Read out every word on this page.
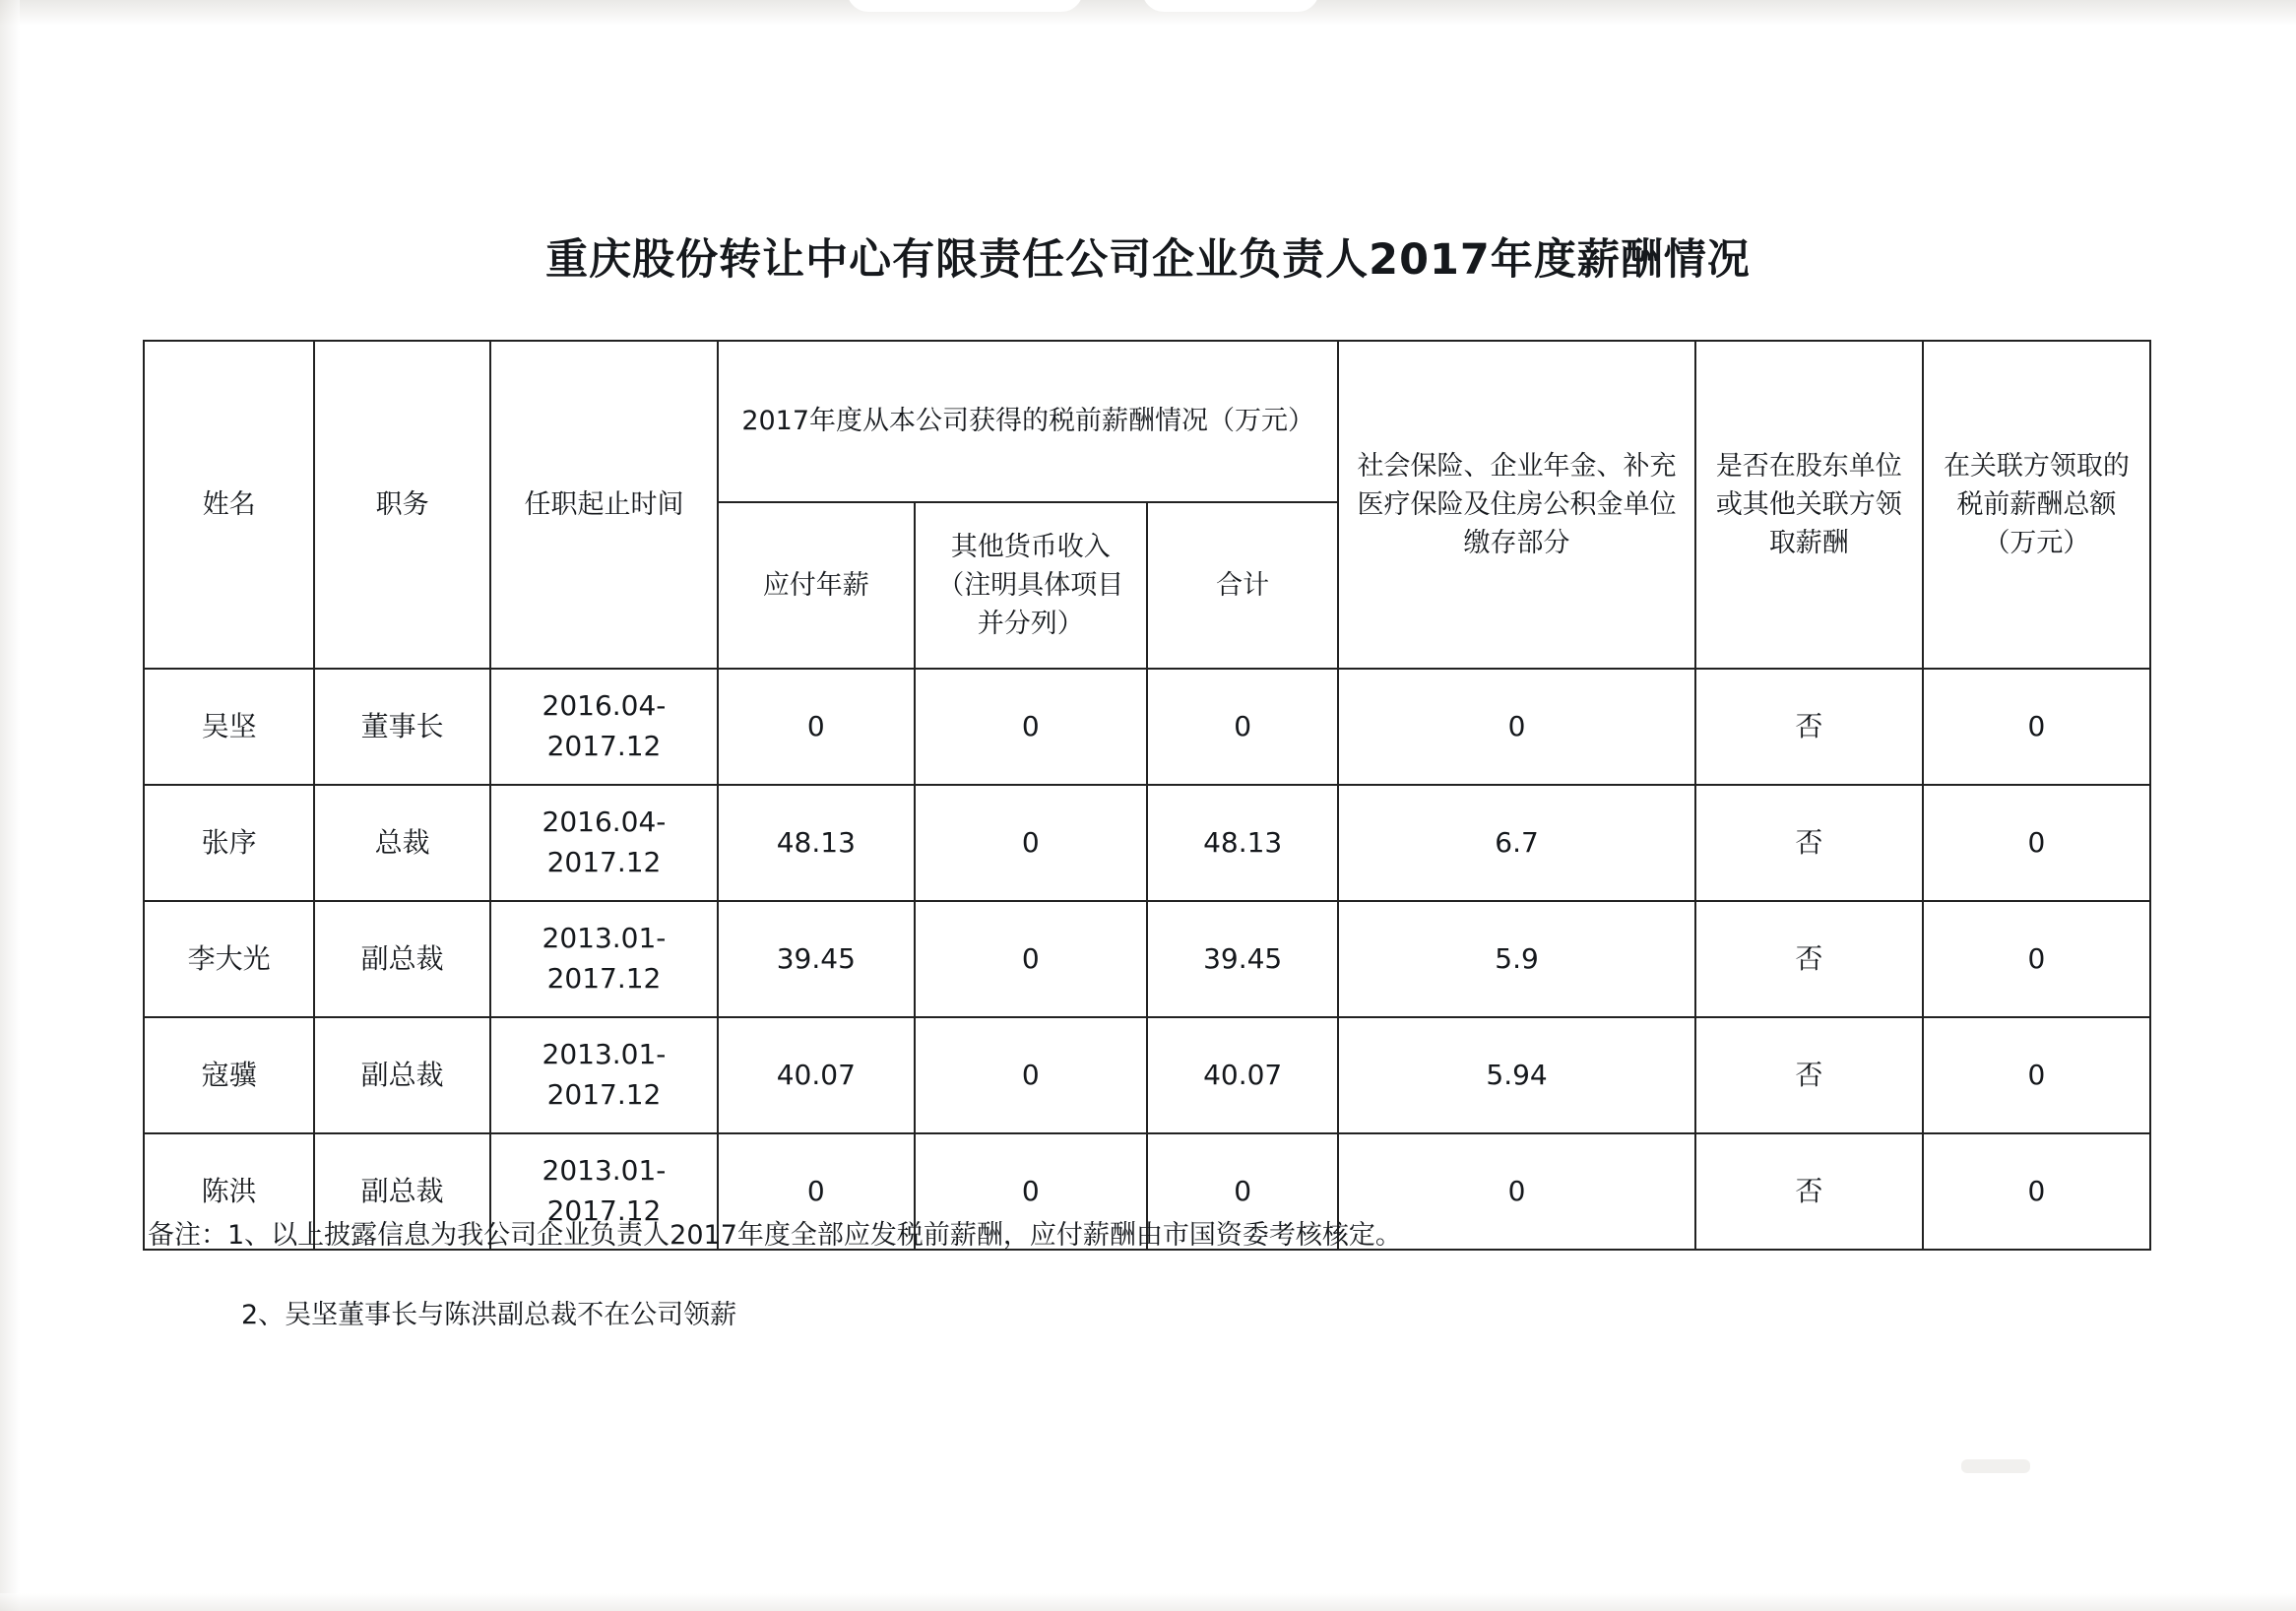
重庆股份转让中心有限责任公司企业负责人2017年度薪酬情况
姓名	职务	任职起止时间	2017年度从本公司获得的税前薪酬情况（万元）			社会保险、企业年金、补充医疗保险及住房公积金单位缴存部分	是否在股东单位或其他关联方领取薪酬	在关联方领取的税前薪酬总额（万元）

			应付年薪	其他货币收入（注明具体项目并分列）	合计			

吴坚	董事长	2016.04-2017.12	0	0	0	0	否	0
张序	总裁	2016.04-2017.12	48.13	0	48.13	6.7	否	0
李大光	副总裁	2013.01-2017.12	39.45	0	39.45	5.9	否	0
寇骥	副总裁	2013.01-2017.12	40.07	0	40.07	5.94	否	0
陈洪	副总裁	2013.01-2017.12	0	0	0	0	否	0
备注：1、以上披露信息为我公司企业负责人2017年度全部应发税前薪酬，应付薪酬由市国资委考核核定。
2、吴坚董事长与陈洪副总裁不在公司领薪
